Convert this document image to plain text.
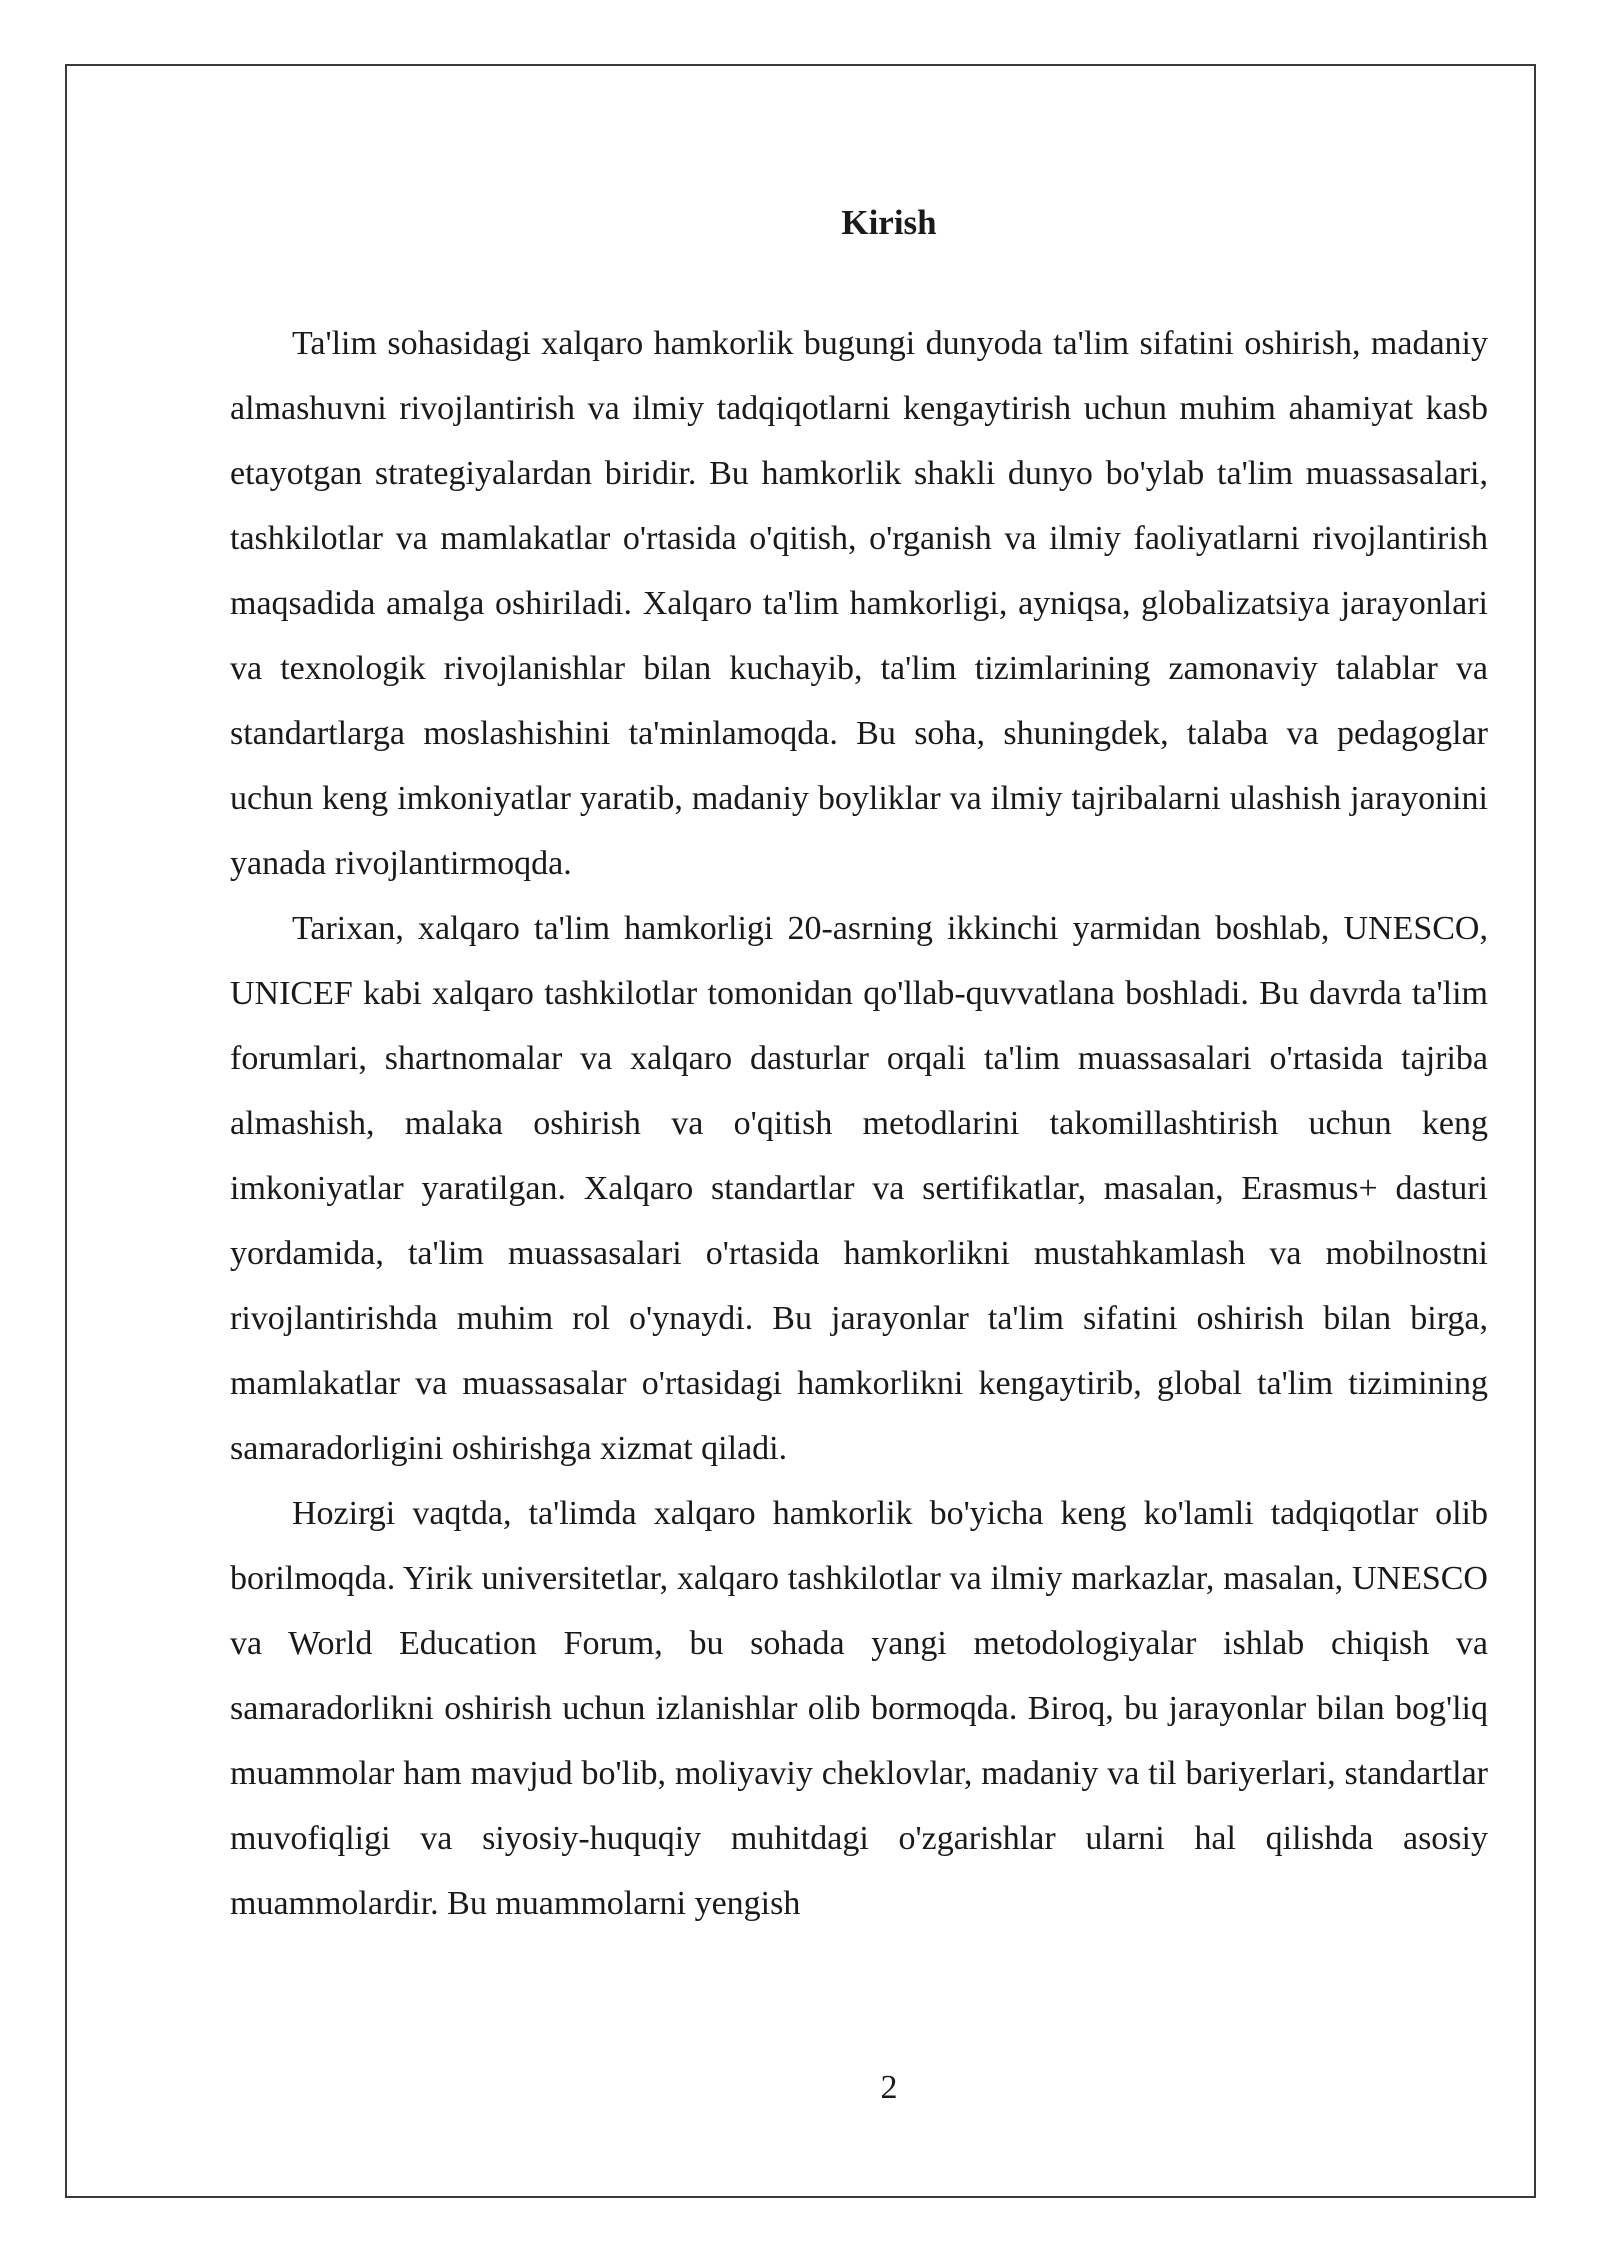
Kirish

Ta'lim sohasidagi xalqaro hamkorlik bugungi dunyoda ta'lim sifatini oshirish, madaniy almashuvni rivojlantirish va ilmiy tadqiqotlarni kengaytirish uchun muhim ahamiyat kasb etayotgan strategiyalardan biridir. Bu hamkorlik shakli dunyo bo'ylab ta'lim muassasalari, tashkilotlar va mamlakatlar o'rtasida o'qitish, o'rganish va ilmiy faoliyatlarni rivojlantirish maqsadida amalga oshiriladi. Xalqaro ta'lim hamkorligi, ayniqsa, globalizatsiya jarayonlari va texnologik rivojlanishlar bilan kuchayib, ta'lim tizimlarining zamonaviy talablar va standartlarga moslashishini ta'minlamoqda. Bu soha, shuningdek, talaba va pedagoglar uchun keng imkoniyatlar yaratib, madaniy boyliklar va ilmiy tajribalarni ulashish jarayonini yanada rivojlantirmoqda.

Tarixan, xalqaro ta'lim hamkorligi 20-asrning ikkinchi yarmidan boshlab, UNESCO, UNICEF kabi xalqaro tashkilotlar tomonidan qo'llab-quvvatlana boshladi. Bu davrda ta'lim forumlari, shartnomalar va xalqaro dasturlar orqali ta'lim muassasalari o'rtasida tajriba almashish, malaka oshirish va o'qitish metodlarini takomillashtirish uchun keng imkoniyatlar yaratilgan. Xalqaro standartlar va sertifikatlar, masalan, Erasmus+ dasturi yordamida, ta'lim muassasalari o'rtasida hamkorlikni mustahkamlash va mobilnostni rivojlantirishda muhim rol o'ynaydi. Bu jarayonlar ta'lim sifatini oshirish bilan birga, mamlakatlar va muassasalar o'rtasidagi hamkorlikni kengaytirib, global ta'lim tizimining samaradorligini oshirishga xizmat qiladi.

Hozirgi vaqtda, ta'limda xalqaro hamkorlik bo'yicha keng ko'lamli tadqiqotlar olib borilmoqda. Yirik universitetlar, xalqaro tashkilotlar va ilmiy markazlar, masalan, UNESCO va World Education Forum, bu sohada yangi metodologiyalar ishlab chiqish va samaradorlikni oshirish uchun izlanishlar olib bormoqda. Biroq, bu jarayonlar bilan bog'liq muammolar ham mavjud bo'lib, moliyaviy cheklovlar, madaniy va til bariyerlari, standartlar muvofiqligi va siyosiy-huquqiy muhitdagi o'zgarishlar ularni hal qilishda asosiy muammolardir. Bu muammolarni yengish

2
